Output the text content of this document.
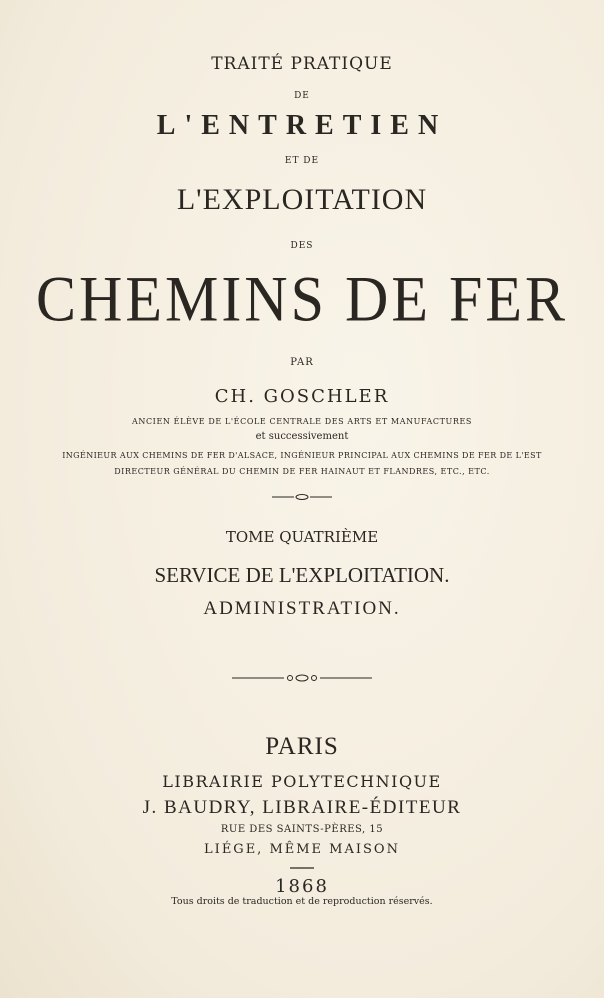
TRAITÉ PRATIQUE
DE
L'ENTRETIEN
ET DE
L'EXPLOITATION
DES
CHEMINS DE FER
PAR
CH. GOSCHLER
ANCIEN ÉLÈVE DE L'ÉCOLE CENTRALE DES ARTS ET MANUFACTURES
et successivement
INGÉNIEUR AUX CHEMINS DE FER D'ALSACE, INGÉNIEUR PRINCIPAL AUX CHEMINS DE FER DE L'EST
DIRECTEUR GÉNÉRAL DU CHEMIN DE FER HAINAUT ET FLANDRES, ETC., ETC.
TOME QUATRIÈME
SERVICE DE L'EXPLOITATION.
ADMINISTRATION.
PARIS
LIBRAIRIE POLYTECHNIQUE
J. BAUDRY, LIBRAIRE-ÉDITEUR
RUE DES SAINTS-PÈRES, 15
LIÉGE, MÊME MAISON
1868
Tous droits de traduction et de reproduction réservés.
